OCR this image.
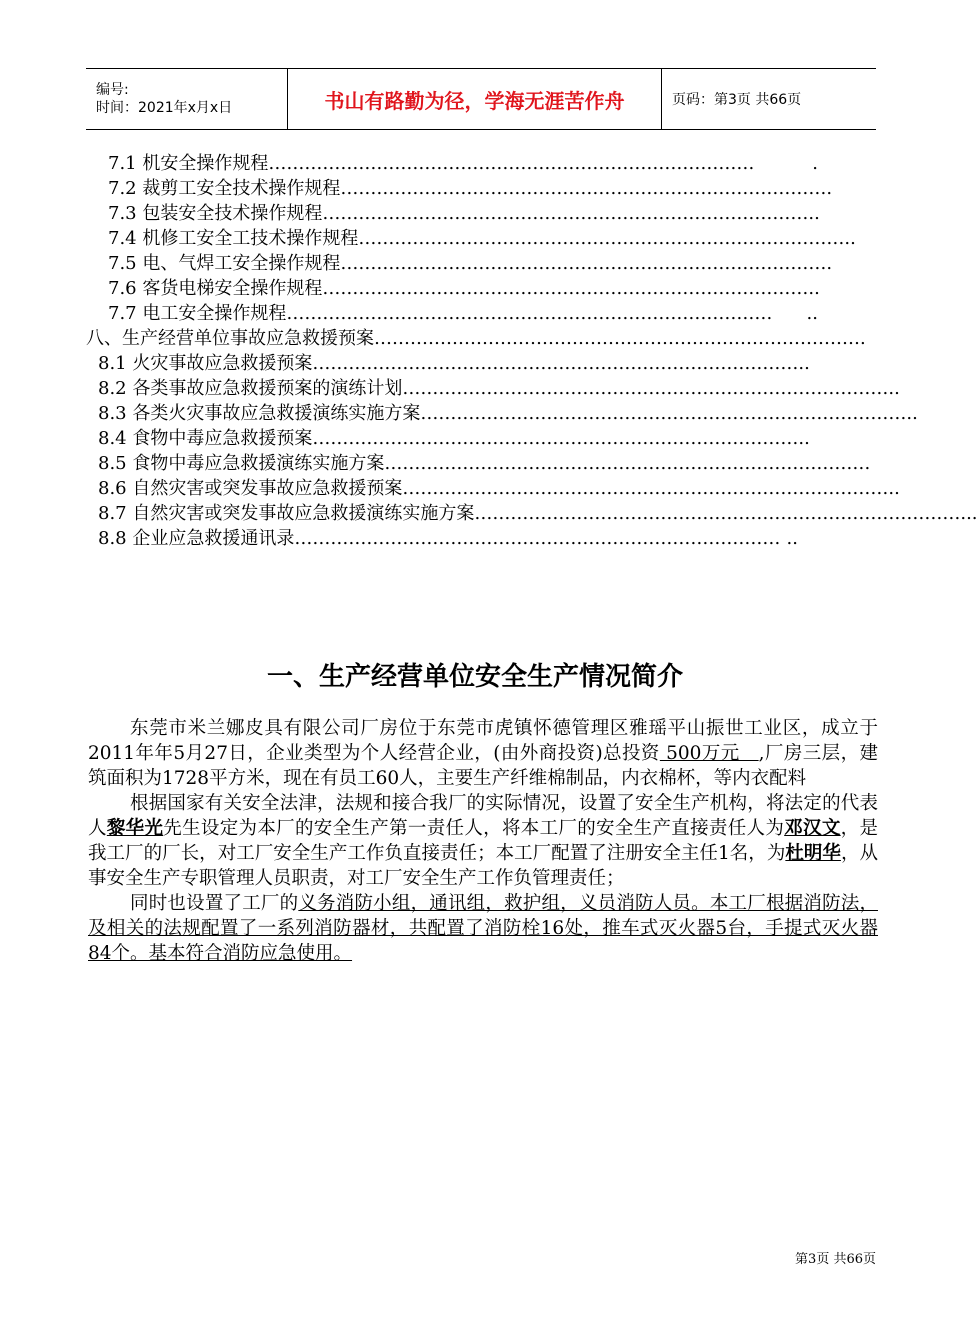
编号:
时间：2021年x月x日	书山有路勤为径，学海无涯苦作舟	页码：第3页 共66页
7.1 机安全操作规程 ………………………………………………………………………	.
7.2 裁剪工安全技术操作规程 ……………………………………………………………………… .
7.3 包装安全技术操作规程 ……………………………………………………………………… ..
7.4 机修工安全工技术操作规程 ……………………………………………………………………… ..
7.5 电、气焊工安全操作规程 ……………………………………………………………………… .
7.6 客货电梯安全操作规程 ……………………………………………………………………… ..
7.7 电工安全操作规程 ………………………………………………………………………	..
八、生产经营单位事故应急救援预案 ……………………………………………………………………… .
8.1 火灾事故应急救援预案 ……………………………………………………………………… ..
8.2 各类事故应急救援预案的演练计划 ……………………………………………………………………… ..
8.3 各类火灾事故应急救援演练实施方案 ……………………………………………………………………… ..
8.4 食物中毒应急救援预案 ……………………………………………………………………… ..
8.5 食物中毒应急救援演练实施方案 ………………………………………………………………………
8.6 自然灾害或突发事故应急救援预案 ……………………………………………………………………… ..
8.7 自然灾害或突发事故应急救援演练实施方案 ……………………………………………………………………… ...
8.8 企业应急救援通讯录 ……………………………………………………………………… ..
一、生产经营单位安全生产情况简介

东莞市米兰娜皮具有限公司厂房位于东莞市虎镇怀德管理区雅瑶平山振世工业区，成立于2011年年5月27日，企业类型为个人经营企业，(由外商投资)总投资 500万元   ,厂房三层，建筑面积为1728平方米，现在有员工60人，主要生产纤维棉制品，内衣棉杯，等内衣配料

根据国家有关安全法津，法规和接合我厂的实际情况，设置了安全生产机构，将法定的代表人黎华光先生设定为本厂的安全生产第一责任人，将本工厂的安全生产直接责任人为邓汉文，是我工厂的厂长，对工厂安全生产工作负直接责任；本工厂配置了注册安全主任1名，为杜明华，从事安全生产专职管理人员职责，对工厂安全生产工作负管理责任；

同时也设置了工厂的义务消防小组，通讯组，救护组，义员消防人员。本工厂根据消防法，及相关的法规配置了一系列消防器材，共配置了消防栓16处，推车式灭火器5台，手提式灭火器84个。基本符合消防应急使用。

第3页 共66页
